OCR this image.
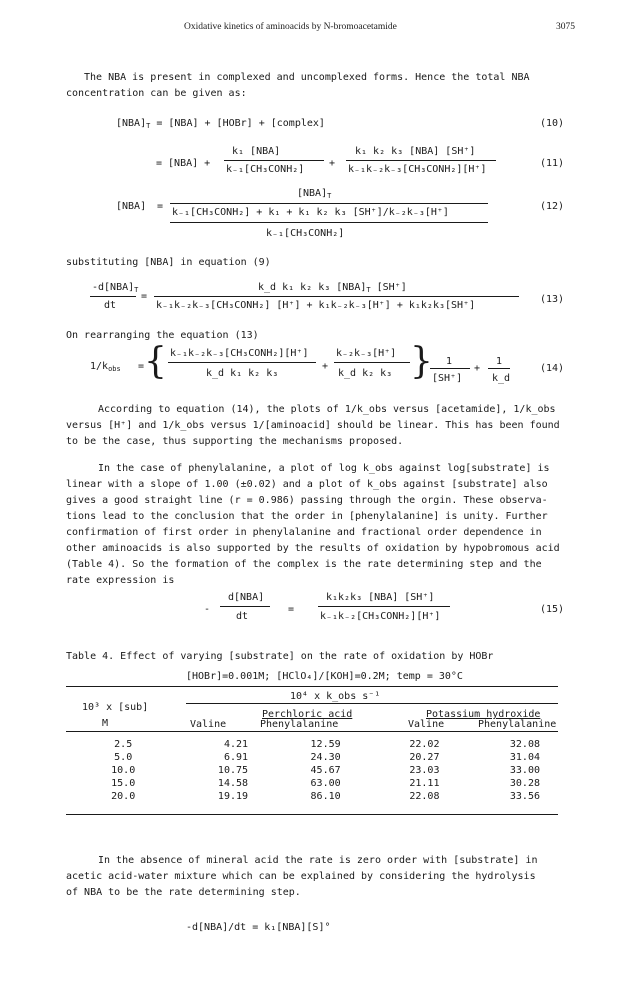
Oxidative kinetics of aminoacids by N-bromoacetamide	3075
The NBA is present in complexed and uncomplexed forms. Hence the total NBA
concentration can be given as:
$[NBA]_T = [NBA]$ + [HOBr] + [complex]	(10)
= [NBA] +
k₁ [NBA]
k₋₁[CH₃CONH₂]
+
k₁ k₂ k₃ [NBA] [SH⁺]
k₋₁k₋₂k₋₃[CH₃CONH₂][H⁺]
(11)
[NBA] =
$[NBA]_T$
k₋₁[CH₃CONH₂] + k₁ + k₁ k₂ k₃ [SH⁺]/k₋₂k₋₃[H⁺]
k₋₁[CH₃CONH₂]
(12)
substituting [NBA] in equation (9)
$-d[NBA]_T$
dt
=
k_d k₁ k₂ k₃ $[NBA]_T$ [SH⁺]
k₋₁k₋₂k₋₃[CH₃CONH₂] [H⁺] + k₁k₋₂k₋₃[H⁺] + k₁k₂k₃[SH⁺]
(13)
On rearranging the equation (13)
$1/k_{obs}$ = { k₋₁k₋₂k₋₃[CH₃CONH₂][H⁺]
k_d k₁ k₂ k₃
+
k₋₂k₋₃[H⁺]
k_d k₂ k₃ } 1
[SH⁺]
+
1
k_d
(14)
According to equation (14), the plots of 1/k_obs versus [acetamide], 1/k_obs
versus [H⁺] and 1/k_obs versus 1/[aminoacid] should be linear. This has been found
to be the case, thus supporting the mechanisms proposed.
In the case of phenylalanine, a plot of log k_obs against log[substrate] is
linear with a slope of 1.00 (±0.02) and a plot of k_obs against [substrate] also
gives a good straight line (r = 0.986) passing through the orgin. These observa-
tions lead to the conclusion that the order in [phenylalanine] is unity. Further
confirmation of first order in phenylalanine and fractional order dependence in
other aminoacids is also supported by the results of oxidation by hypobromous acid
(Table 4). So the formation of the complex is the rate determining step and the
rate expression is
-
d[NBA]
dt
=
k₁k₂k₃ [NBA] [SH⁺]
k₋₁k₋₂[CH₃CONH₂][H⁺]
(15)
Table 4. Effect of varying [substrate] on the rate of oxidation by HOBr
[HOBr]=0.001M; [HClO₄]/[KOH]=0.2M; temp = 30°C
10⁴ x k_obs s⁻¹
10³ x [sub]
M
Perchloric acid	Potassium hydroxide
Valine	Phenylalanine	Valine	Phenylalanine
2.5	4.21	12.59	22.02	32.08
5.0	6.91	24.30	20.27	31.04
10.0	10.75	45.67	23.03	33.00
15.0	14.58	63.00	21.11	30.28
20.0	19.19	86.10	22.08	33.56
In the absence of mineral acid the rate is zero order with [substrate] in
acetic acid-water mixture which can be explained by considering the hydrolysis
of NBA to be the rate determining step.
-d[NBA]/dt = k₁[NBA][S]°
